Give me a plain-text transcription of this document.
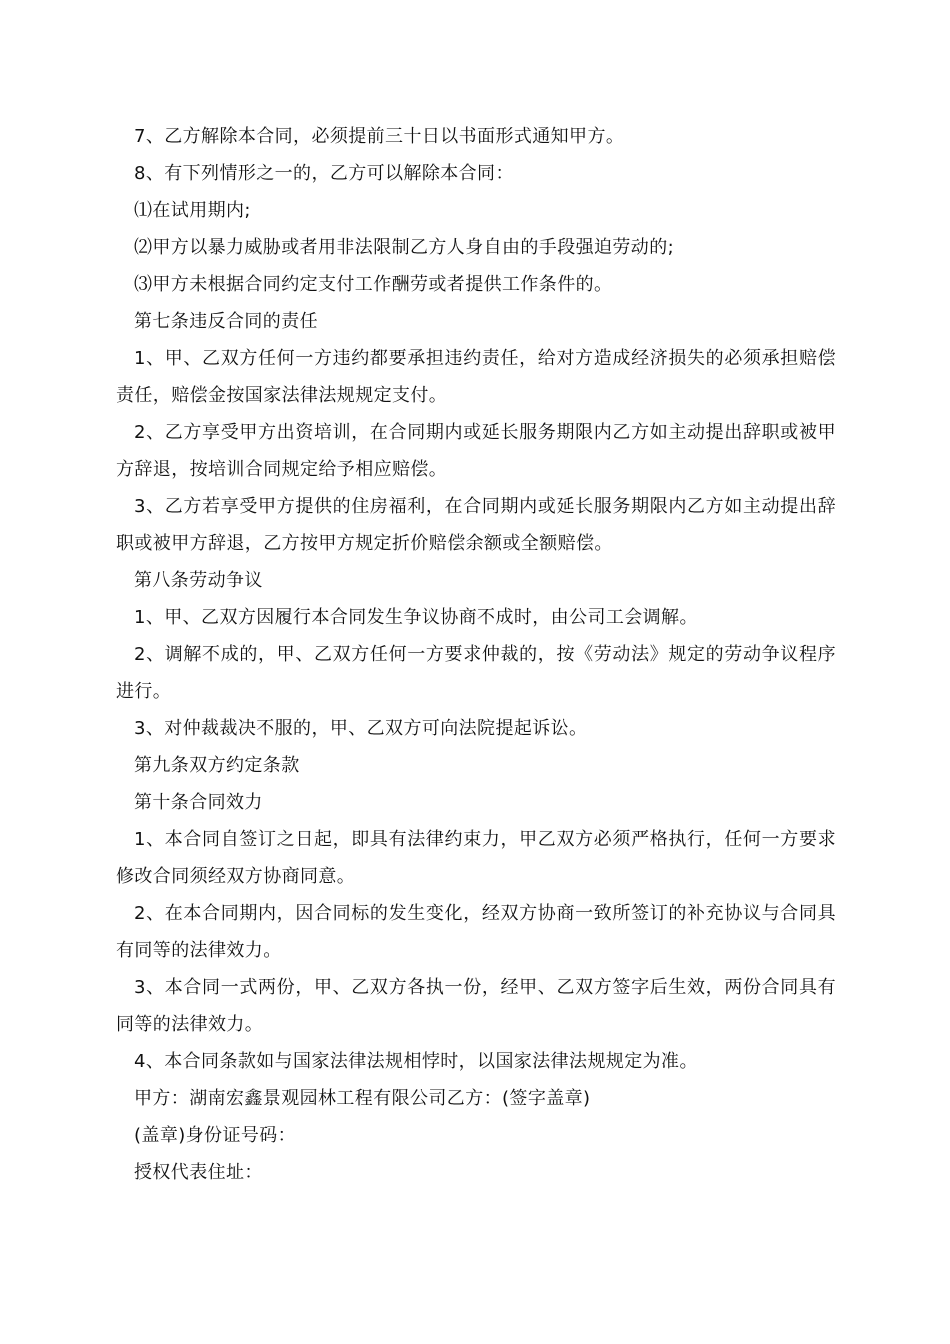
7、乙方解除本合同，必须提前三十日以书面形式通知甲方。

8、有下列情形之一的，乙方可以解除本合同：

⑴在试用期内;

⑵甲方以暴力威胁或者用非法限制乙方人身自由的手段强迫劳动的;

⑶甲方未根据合同约定支付工作酬劳或者提供工作条件的。

第七条违反合同的责任

1、甲、乙双方任何一方违约都要承担违约责任，给对方造成经济损失的必须承担赔偿责任，赔偿金按国家法律法规规定支付。

2、乙方享受甲方出资培训，在合同期内或延长服务期限内乙方如主动提出辞职或被甲方辞退，按培训合同规定给予相应赔偿。

3、乙方若享受甲方提供的住房福利，在合同期内或延长服务期限内乙方如主动提出辞职或被甲方辞退，乙方按甲方规定折价赔偿余额或全额赔偿。

第八条劳动争议

1、甲、乙双方因履行本合同发生争议协商不成时，由公司工会调解。

2、调解不成的，甲、乙双方任何一方要求仲裁的，按《劳动法》规定的劳动争议程序进行。

3、对仲裁裁决不服的，甲、乙双方可向法院提起诉讼。

第九条双方约定条款

第十条合同效力

1、本合同自签订之日起，即具有法律约束力，甲乙双方必须严格执行，任何一方要求修改合同须经双方协商同意。

2、在本合同期内，因合同标的发生变化，经双方协商一致所签订的补充协议与合同具有同等的法律效力。

3、本合同一式两份，甲、乙双方各执一份，经甲、乙双方签字后生效，两份合同具有同等的法律效力。

4、本合同条款如与国家法律法规相悖时，以国家法律法规规定为准。

甲方：湖南宏鑫景观园林工程有限公司乙方：(签字盖章)

(盖章)身份证号码：

授权代表住址：
